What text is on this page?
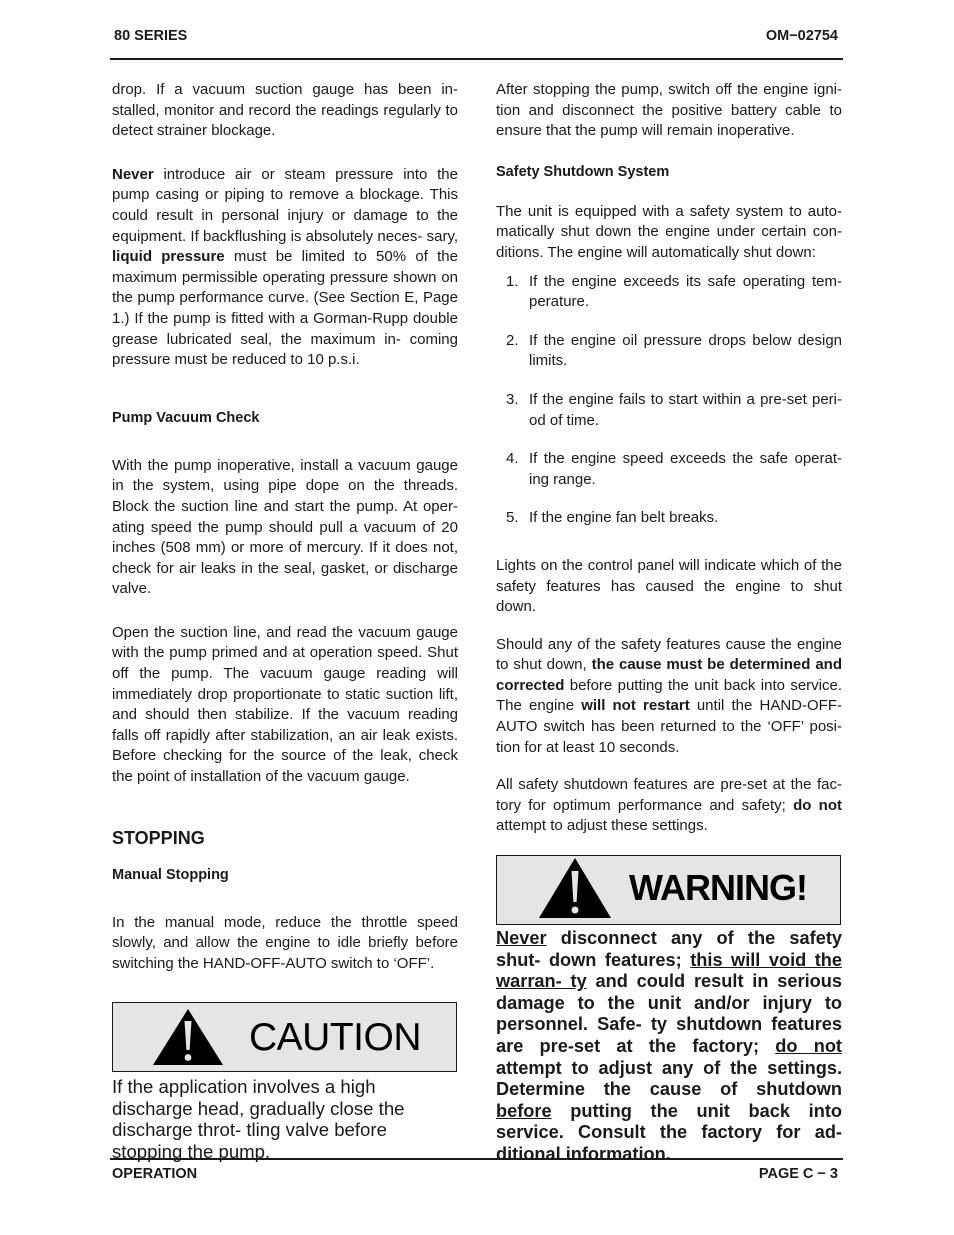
80 SERIES	OM−02754

drop. If a vacuum suction gauge has been in- stalled, monitor and record the readings regularly to detect strainer blockage.

Never introduce air or steam pressure into the pump casing or piping to remove a blockage. This could result in personal injury or damage to the equipment. If backflushing is absolutely neces- sary, liquid pressure must be limited to 50% of the maximum permissible operating pressure shown on the pump performance curve. (See Section E, Page 1.) If the pump is fitted with a Gorman-Rupp double grease lubricated seal, the maximum in- coming pressure must be reduced to 10 p.s.i.

Pump Vacuum Check

With the pump inoperative, install a vacuum gauge in the system, using pipe dope on the threads. Block the suction line and start the pump. At oper- ating speed the pump should pull a vacuum of 20 inches (508 mm) or more of mercury. If it does not, check for air leaks in the seal, gasket, or discharge valve.

Open the suction line, and read the vacuum gauge with the pump primed and at operation speed. Shut off the pump. The vacuum gauge reading will immediately drop proportionate to static suction lift, and should then stabilize. If the vacuum reading falls off rapidly after stabilization, an air leak exists. Before checking for the source of the leak, check the point of installation of the vacuum gauge.

STOPPING
Manual Stopping

In the manual mode, reduce the throttle speed slowly, and allow the engine to idle briefly before switching the HAND-OFF-AUTO switch to ‘OFF’.

CAUTION

If the application involves a high discharge head, gradually close the discharge throt- tling valve before stopping the pump.

After stopping the pump, switch off the engine igni- tion and disconnect the positive battery cable to ensure that the pump will remain inoperative.

Safety Shutdown System

The unit is equipped with a safety system to auto- matically shut down the engine under certain con- ditions. The engine will automatically shut down:

1. If the engine exceeds its safe operating tem- perature.
2. If the engine oil pressure drops below design limits.
3. If the engine fails to start within a pre-set peri- od of time.
4. If the engine speed exceeds the safe operat- ing range.
5. If the engine fan belt breaks.

Lights on the control panel will indicate which of the safety features has caused the engine to shut down.

Should any of the safety features cause the engine to shut down, the cause must be determined and corrected before putting the unit back into service. The engine will not restart until the HAND-OFF- AUTO switch has been returned to the ‘OFF’ posi- tion for at least 10 seconds.

All safety shutdown features are pre-set at the fac- tory for optimum performance and safety; do not attempt to adjust these settings.

WARNING!

Never disconnect any of the safety shut- down features; this will void the warran- ty and could result in serious damage to the unit and/or injury to personnel. Safe- ty shutdown features are pre-set at the factory; do not attempt to adjust any of the settings. Determine the cause of shutdown before putting the unit back into service. Consult the factory for ad- ditional information.

OPERATION	PAGE C − 3
